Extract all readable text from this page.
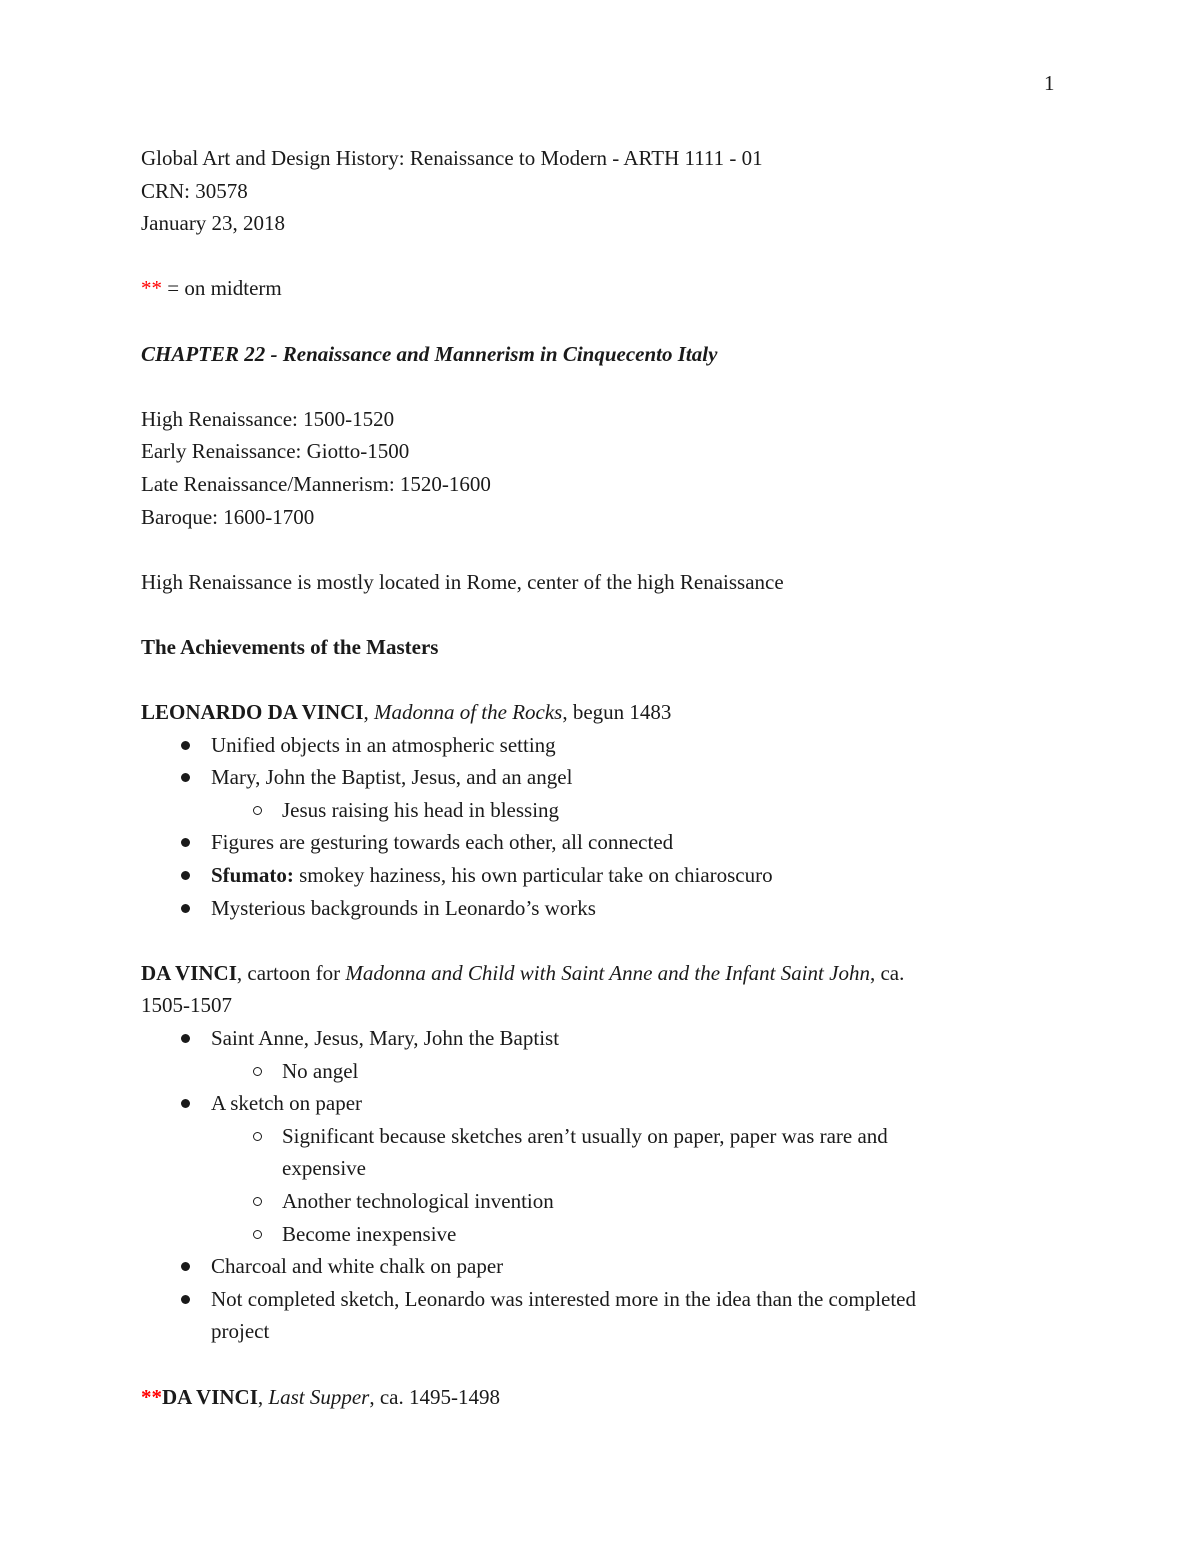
1
Global Art and Design History: Renaissance to Modern - ARTH 1111 - 01
CRN: 30578
January 23, 2018
** = on midterm
CHAPTER 22 - Renaissance and Mannerism in Cinquecento Italy
High Renaissance: 1500-1520
Early Renaissance: Giotto-1500
Late Renaissance/Mannerism: 1520-1600
Baroque: 1600-1700
High Renaissance is mostly located in Rome, center of the high Renaissance
The Achievements of the Masters
LEONARDO DA VINCI, Madonna of the Rocks, begun 1483
Unified objects in an atmospheric setting
Mary, John the Baptist, Jesus, and an angel
Jesus raising his head in blessing
Figures are gesturing towards each other, all connected
Sfumato: smokey haziness, his own particular take on chiaroscuro
Mysterious backgrounds in Leonardo’s works
DA VINCI, cartoon for Madonna and Child with Saint Anne and the Infant Saint John, ca.
1505-1507
Saint Anne, Jesus, Mary, John the Baptist
No angel
A sketch on paper
Significant because sketches aren’t usually on paper, paper was rare and
expensive
Another technological invention
Become inexpensive
Charcoal and white chalk on paper
Not completed sketch, Leonardo was interested more in the idea than the completed
project
**DA VINCI, Last Supper, ca. 1495-1498
